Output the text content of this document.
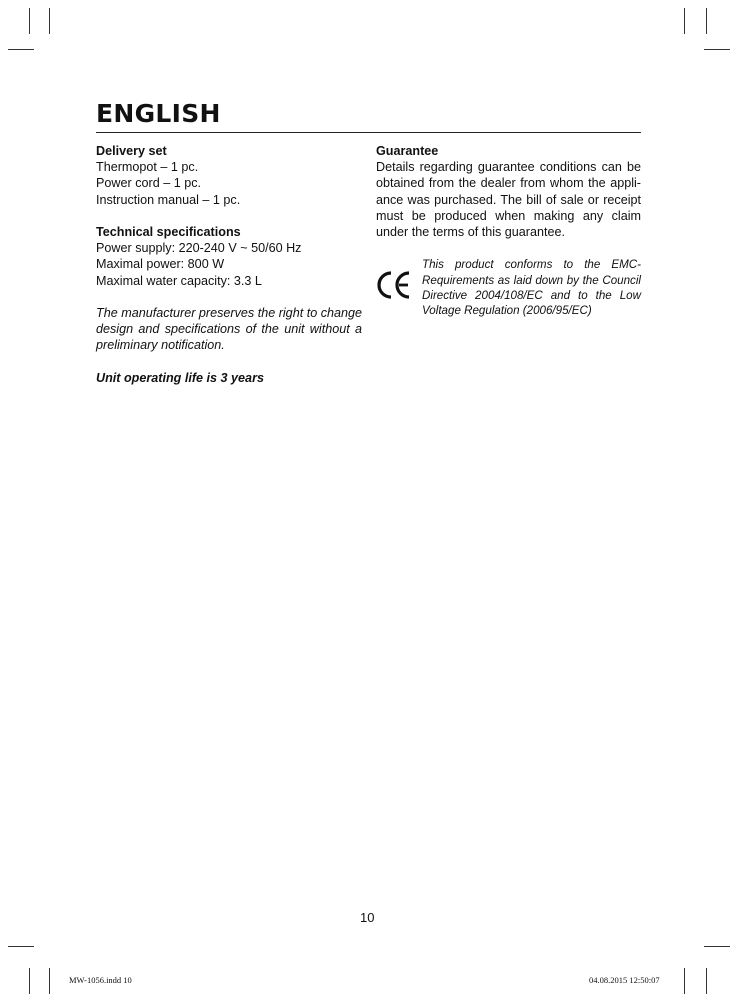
ENGLISH
Delivery set

Thermopot – 1 pc.

Power cord – 1 pc.

Instruction manual – 1 pc.

Technical specifications

Power supply: 220-240 V ~ 50/60 Hz

Maximal power: 800 W

Maximal water capacity: 3.3 L

The manufacturer preserves the right to change design and specifications of the unit without a preliminary notification.

Unit operating life is 3 years

Guarantee

Details regarding guarantee conditions can be obtained from the dealer from whom the appli-ance was purchased. The bill of sale or receipt must be produced when making any claim under the terms of this guarantee.

This product conforms to the EMC-Requirements as laid down by the Council Directive 2004/108/EC and to the Low Voltage Regulation (2006/95/EC)

10
MW-1056.indd 10	04.08.2015 12:50:07
